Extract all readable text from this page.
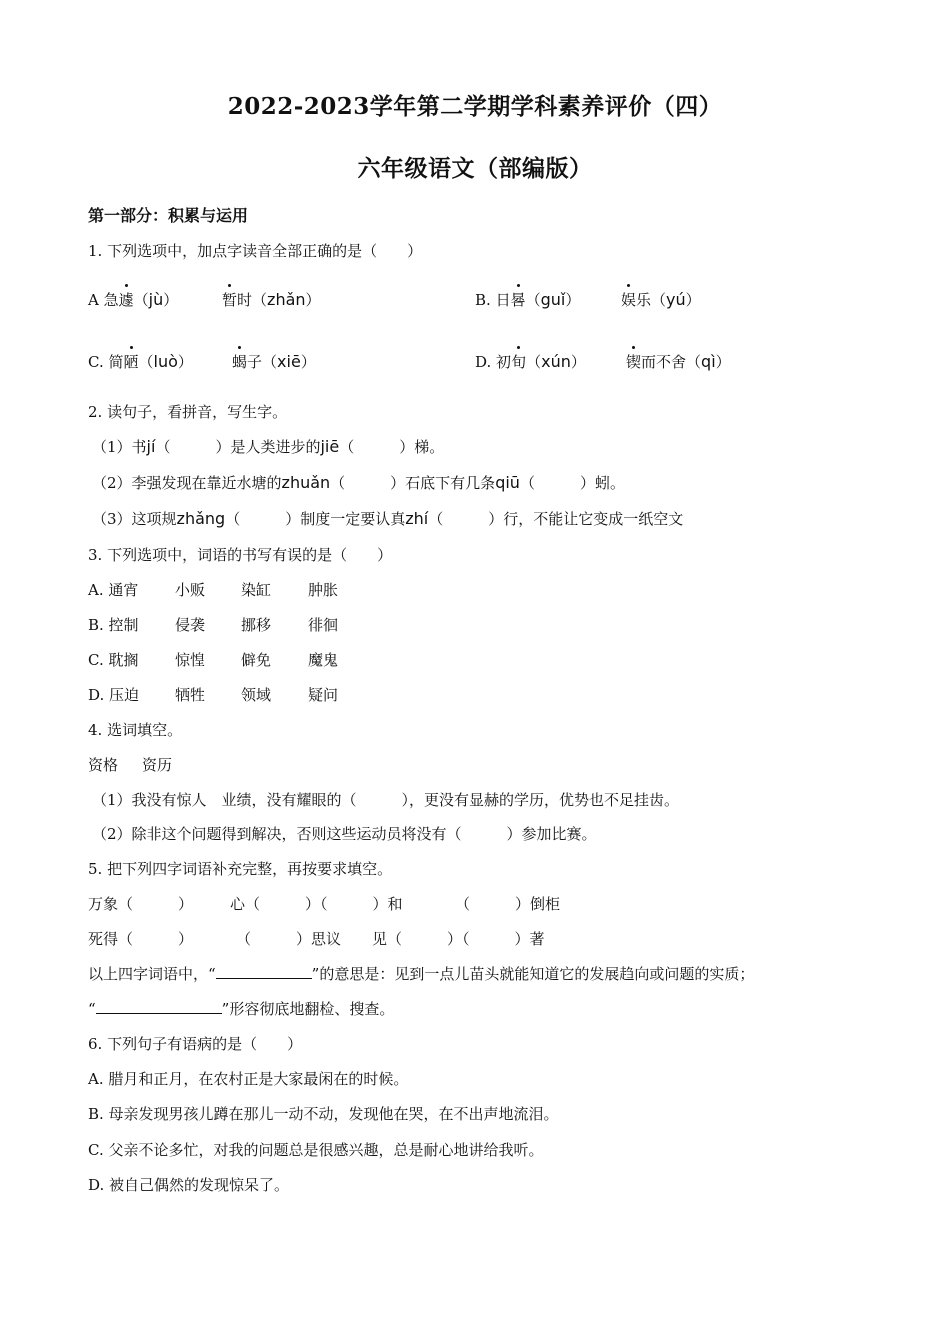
2022-2023学年第二学期学科素养评价（四）
六年级语文（部编版）
第一部分：积累与运用
1. 下列选项中，加点字读音全部正确的是（　　）
A 急遽（jù）	暂时（zhǎn）	B. 日晷（guǐ）	娱乐（yú）
C. 简陋（luò）	蝎子（xiē）	D. 初旬（xún）	锲而不舍（qì）
2. 读句子，看拼音，写生字。
（1）书jí（　　　）是人类进步的jiē（　　　）梯。
（2）李强发现在靠近水塘的zhuǎn（　　　）石底下有几条qiū（　　　）蚓。
（3）这项规zhǎng（　　　）制度一定要认真zhí（　　　）行，不能让它变成一纸空文
3. 下列选项中，词语的书写有误的是（　　）
A. 通宵 小贩 染缸 肿胀
B. 控制 侵袭 挪移 徘徊
C. 耽搁 惊惶 僻免 魔鬼
D. 压迫 牺牲 领域 疑问
4. 选词填空。
资格 资历
（1）我没有惊人　业绩，没有耀眼的（　　　），更没有显赫的学历，优势也不足挂齿。
（2）除非这个问题得到解决，否则这些运动员将没有（　　　）参加比赛。
5. 把下列四字词语补充完整，再按要求填空。
万象（　　　） 心（　　　）（　　　）和	（　　　）倒柜
死得（　　　）	（　　　）思议 见（　　　）（　　　）著
以上四字词语中，“	”的意思是：见到一点儿苗头就能知道它的发展趋向或问题的实质；
“	”形容彻底地翻检、搜查。
6. 下列句子有语病的是（　　）
A. 腊月和正月，在农村正是大家最闲在的时候。
B. 母亲发现男孩儿蹲在那儿一动不动，发现他在哭，在不出声地流泪。
C. 父亲不论多忙，对我的问题总是很感兴趣，总是耐心地讲给我听。
D. 被自己偶然的发现惊呆了。
